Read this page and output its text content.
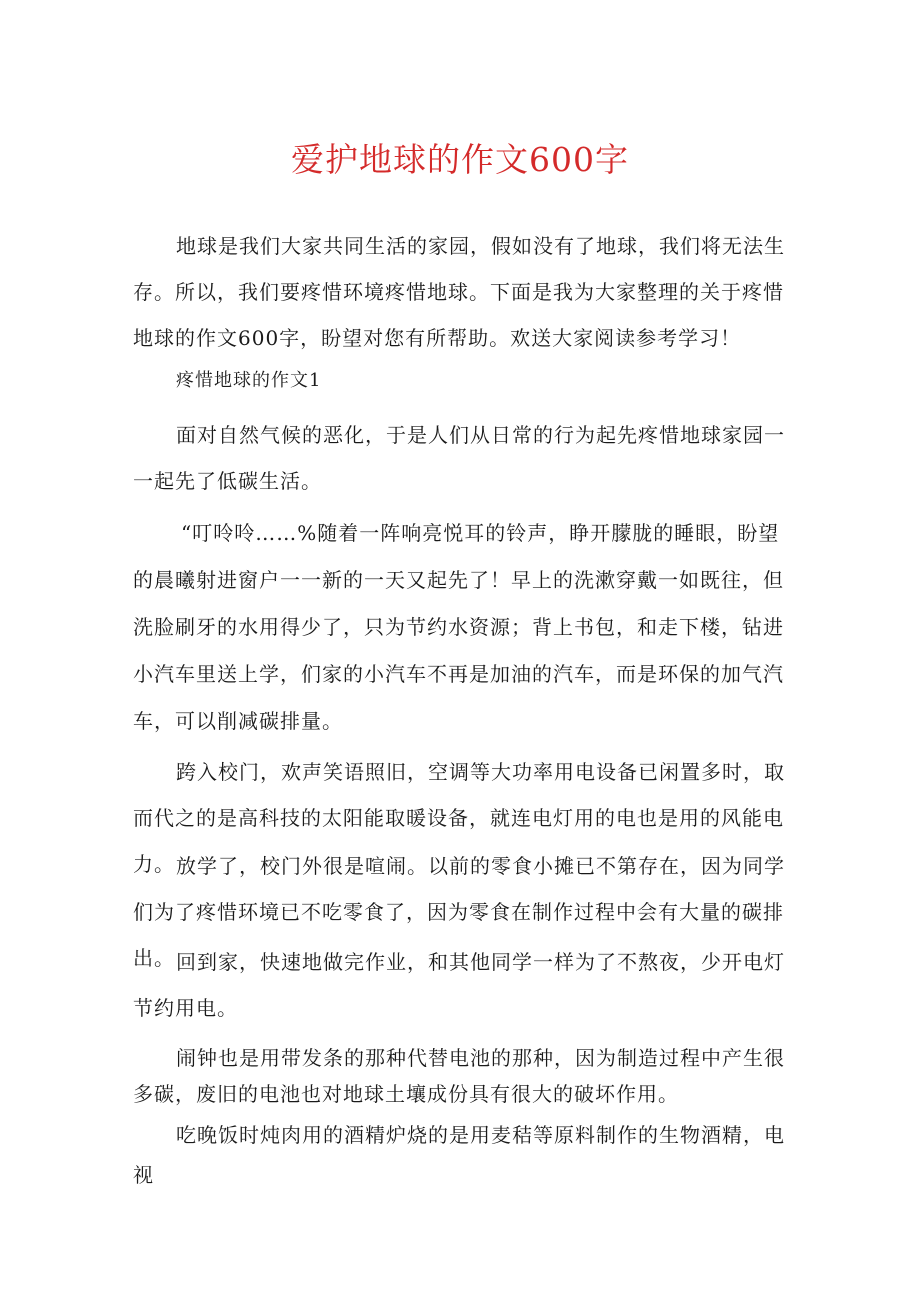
爱护地球的作文600字

地球是我们大家共同生活的家园，假如没有了地球，我们将无法生存。所以，我们要疼惜环境疼惜地球。下面是我为大家整理的关于疼惜地球的作文600字，盼望对您有所帮助。欢送大家阅读参考学习！

疼惜地球的作文1

面对自然气候的恶化，于是人们从日常的行为起先疼惜地球家园一一起先了低碳生活。

“叮呤呤……%随着一阵响亮悦耳的铃声，睁开朦胧的睡眼，盼望的晨曦射进窗户一一新的一天又起先了！早上的洗漱穿戴一如既往，但洗脸刷牙的水用得少了，只为节约水资源；背上书包，和走下楼，钻进小汽车里送上学，们家的小汽车不再是加油的汽车，而是环保的加气汽车，可以削减碳排量。

跨入校门，欢声笑语照旧，空调等大功率用电设备已闲置多时，取而代之的是高科技的太阳能取暖设备，就连电灯用的电也是用的风能电力。 放学了，校门外很是喧闹。以前的零食小摊已不第存在，因为同学们为了疼惜环境已不吃零食了，因为零食在制作过程中会有大量的碳排出。 回到家，快速地做完作业，和其他同学一样为了不熬夜，少开电灯节约用电。

闹钟也是用带发条的那种代替电池的那种，因为制造过程中产生很多碳，废旧的电池也对地球土壤成份具有很大的破坏作用。

吃晚饭时炖肉用的酒精炉烧的是用麦秸等原料制作的生物酒精，电视
